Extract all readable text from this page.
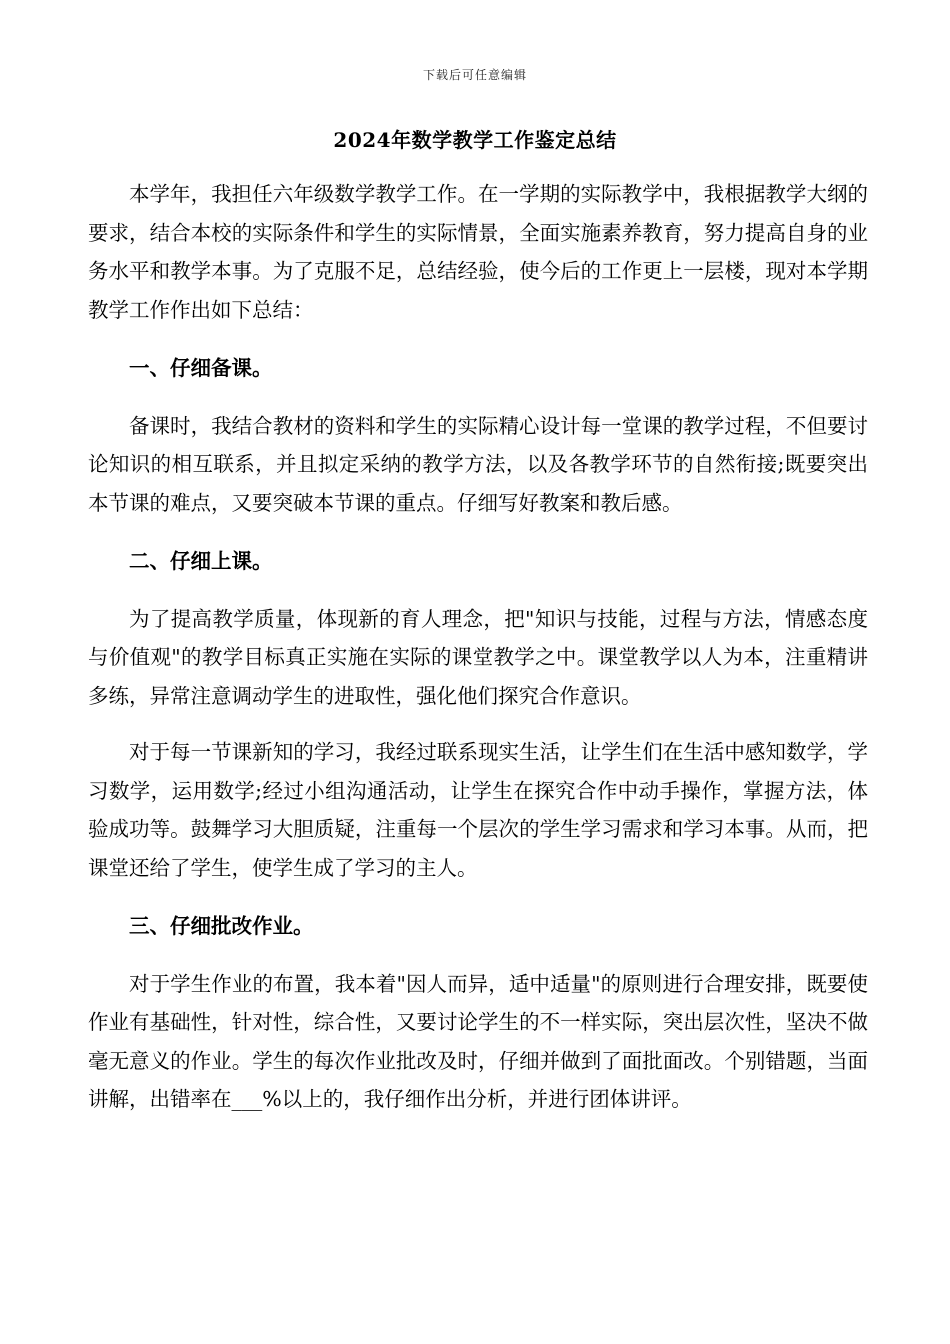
下载后可任意编辑
2024年数学教学工作鉴定总结

本学年，我担任六年级数学教学工作。在一学期的实际教学中，我根据教学大纲的要求，结合本校的实际条件和学生的实际情景，全面实施素养教育，努力提高自身的业务水平和教学本事。为了克服不足，总结经验，使今后的工作更上一层楼，现对本学期教学工作作出如下总结：

一、仔细备课。

备课时，我结合教材的资料和学生的实际精心设计每一堂课的教学过程，不但要讨论知识的相互联系，并且拟定采纳的教学方法，以及各教学环节的自然衔接;既要突出本节课的难点，又要突破本节课的重点。仔细写好教案和教后感。

二、仔细上课。

为了提高教学质量，体现新的育人理念，把"知识与技能，过程与方法，情感态度与价值观"的教学目标真正实施在实际的课堂教学之中。课堂教学以人为本，注重精讲多练，异常注意调动学生的进取性，强化他们探究合作意识。

对于每一节课新知的学习，我经过联系现实生活，让学生们在生活中感知数学，学习数学，运用数学;经过小组沟通活动，让学生在探究合作中动手操作，掌握方法，体验成功等。鼓舞学习大胆质疑，注重每一个层次的学生学习需求和学习本事。从而，把课堂还给了学生，使学生成了学习的主人。

三、仔细批改作业。

对于学生作业的布置，我本着"因人而异，适中适量"的原则进行合理安排，既要使作业有基础性，针对性，综合性，又要讨论学生的不一样实际，突出层次性，坚决不做毫无意义的作业。学生的每次作业批改及时，仔细并做到了面批面改。个别错题，当面讲解，出错率在___%以上的，我仔细作出分析，并进行团体讲评。
